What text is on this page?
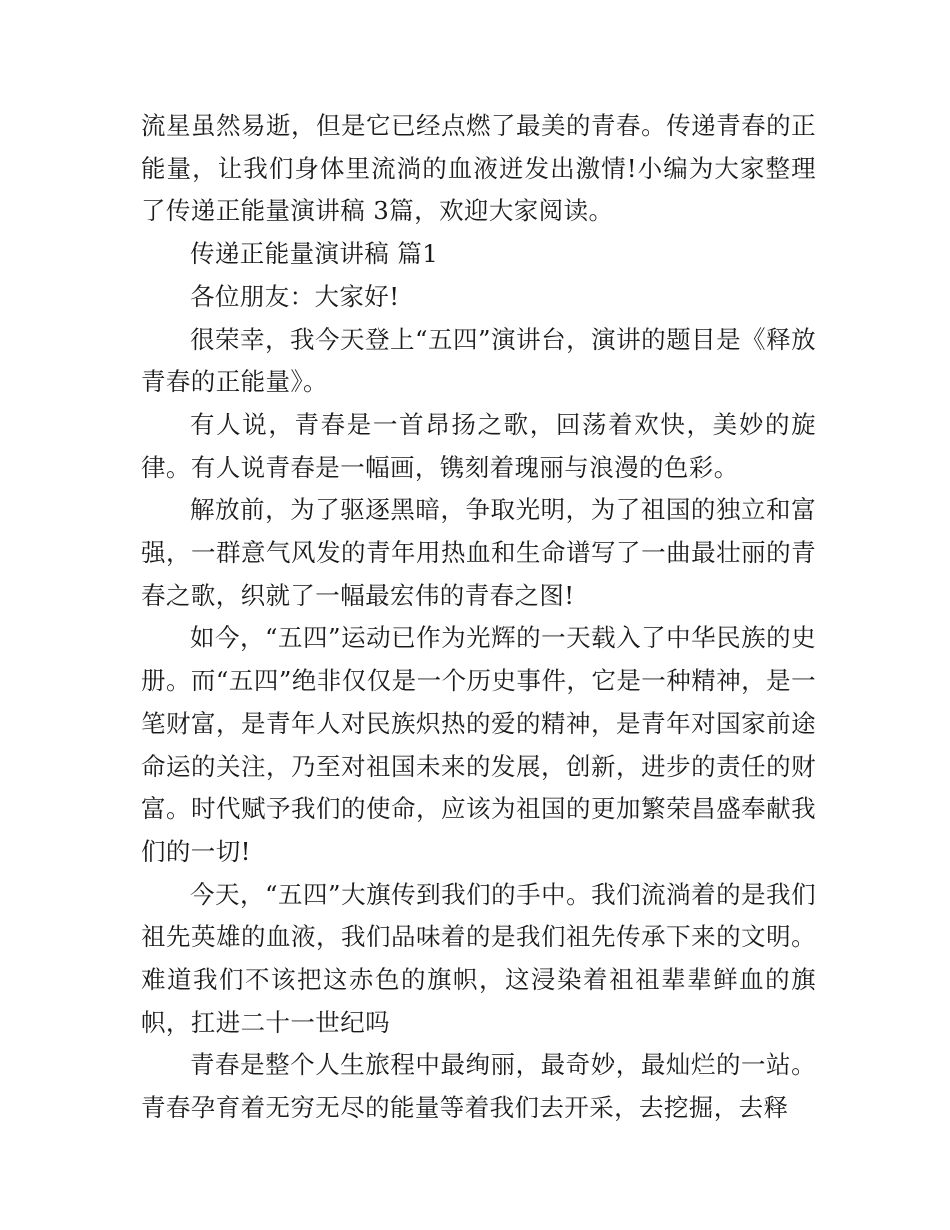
流星虽然易逝，但是它已经点燃了最美的青春。传递青春的正能量，让我们身体里流淌的血液迸发出激情!小编为大家整理了传递正能量演讲稿 3篇，欢迎大家阅读。

传递正能量演讲稿 篇1

各位朋友：大家好!

很荣幸，我今天登上“五四”演讲台，演讲的题目是《释放青春的正能量》。

有人说，青春是一首昂扬之歌，回荡着欢快，美妙的旋律。有人说青春是一幅画，镌刻着瑰丽与浪漫的色彩。

解放前，为了驱逐黑暗，争取光明，为了祖国的独立和富强，一群意气风发的青年用热血和生命谱写了一曲最壮丽的青春之歌，织就了一幅最宏伟的青春之图!

如今，“五四”运动已作为光辉的一天载入了中华民族的史册。而“五四”绝非仅仅是一个历史事件，它是一种精神，是一笔财富，是青年人对民族炽热的爱的精神，是青年对国家前途命运的关注，乃至对祖国未来的发展，创新，进步的责任的财富。时代赋予我们的使命，应该为祖国的更加繁荣昌盛奉献我们的一切!

今天，“五四”大旗传到我们的手中。我们流淌着的是我们祖先英雄的血液，我们品味着的是我们祖先传承下来的文明。难道我们不该把这赤色的旗帜，这浸染着祖祖辈辈鲜血的旗帜，扛进二十一世纪吗

青春是整个人生旅程中最绚丽，最奇妙，最灿烂的一站。青春孕育着无穷无尽的能量等着我们去开采，去挖掘，去释
